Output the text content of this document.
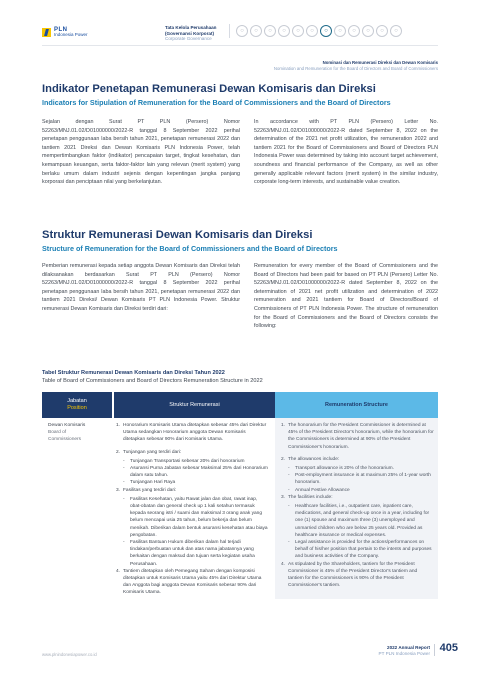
PLN
Indonesia Power
Tata Kelola Perusahaan
(Governansi Korporat)
Corporate Governance
○	○	○	○	○	○	○	○	○	○	○	○
Nominasi dan Remunerasi Direksi dan Dewan Komisaris
Nomination and Remuneration for the Board of Directors and Board of Commissioners
Indikator Penetapan Remunerasi Dewan Komisaris dan Direksi
Indicators for Stipulation of Remuneration for the Board of Commissioners and the Board of Directors
Sejalan dengan Surat PT PLN (Persero) Nomor 52263/MNJ.01.02/D01000000/2022-R tanggal 8 September 2022 perihal penetapan penggunaan laba bersih tahun 2021, penetapan remunerasi 2022 dan tantiem 2021 Direksi dan Dewan Komisaris PLN Indonesia Power, telah mempertimbangkan faktor (indikator) pencapaian target, tingkat kesehatan, dan kemampuan keuangan, serta faktor-faktor lain yang relevan (merit system) yang berlaku umum dalam industri sejenis dengan kepentingan jangka panjang korporasi dan penciptaan nilai yang berkelanjutan.
In accordance with PT PLN (Persero) Letter No. 52263/MNJ.01.02/D01000000/2022-R dated September 8, 2022 on the determination of the 2021 net profit utilization, the remuneration 2022 and tantiem 2021 for the Board of Commissioners and Board of Directors PLN Indonesia Power was determined by taking into account target achievement, soundness and financial performance of the Company, as well as other generally applicable relevant factors (merit system) in the similar industry, corporate long-term interests, and sustainable value creation.
Struktur Remunerasi Dewan Komisaris dan Direksi
Structure of Remuneration for the Board of Commissioners and the Board of Directors
Pemberian remunerasi kepada setiap anggota Dewan Komisaris dan Direksi telah dilaksanakan berdasarkan Surat PT PLN (Persero) Nomor 52263/MNJ.01.02/D01000000/2022-R tanggal 8 September 2022 perihal penetapan penggunaan laba bersih tahun 2021, penetapan remunerasi 2022 dan tantiem 2021 Direksi/ Dewan Komisaris PT PLN Indonesia Power. Struktur remunerasi Dewan Komisaris dan Direksi terdiri dari:
Remuneration for every member of the Board of Commissioners and the Board of Directors had been paid for based on PT PLN (Persero) Letter No. 52263/MNJ.01.02/D01000000/2022-R dated September 8, 2022 on the determination of 2021 net profit utilization and determination of 2022 remuneration and 2021 tantiem for Board of Directors/Board of Commissioners of PT PLN Indonesia Power. The structure of remuneration for the Board of Commissioners and the Board of Directors consists the following:
Tabel Struktur Remunerasi Dewan Komisaris dan Direksi Tahun 2022
Table of Board of Commissioners and Board of Directors Remuneration Structure in 2022
Jabatan
Position
Struktur Remunerasi	Remuneration Structure
Dewan Komisaris
Board of
Commissioners
1. Honorarium Komisaris Utama ditetapkan sebesar 45% dari Direktur Utama sedangkan Honorarium anggota Dewan Komisaris ditetapkan sebesar 90% dari Komisaris Utama.
2. Tunjangan yang terdiri dari:
-	Tunjangan Transportasi sebesar 20% dari honorarium
-	Asuransi Purna Jabatan sebesar Maksimal 25% dari Honorarium dalam satu tahun.
-	Tunjangan Hari Raya
3. Fasilitas yang terdiri dari:
-	Fasilitas Kesehatan, yaitu Rawat jalan dan obat, rawat inap, obat-obatan dan general check up 1 kali setahun termasuk kepada seorang istri / suami dan maksimal 3 orang anak yang belum mencapai usia 25 tahun, belum bekerja dan belum menikah. Diberikan dalam bentuk asuransi kesehatan atau biaya pengobatan.
-	Fasilitas Bantuan Hukum diberikan dalam hal terjadi tindakan/perbuatan untuk dan atas nama jabatannya yang berkaitan dengan maksud dan tujuan serta kegiatan usaha Perusahaan.
4. Tantiem ditetapkan oleh Pemegang Saham dengan komposisi ditetapkan untuk Komisaris Utama yaitu 45% dari Direktur Utama dan Anggota bagi anggota Dewan Komisaris sebesar 90% dari Komisaris Utama.
1. The honorarium for the President Commissioner is determined at 45% of the President Director's honorarium, while the honorarium for the Commissioners is determined at 90% of the President Commissioner's honorarium.
2. The allowances include:
-	Transport allowance is 20% of the honorarium.
-	Post-employment insurance is at maximum 25% of 1-year worth honorarium.
-	Annual Festive Allowance
3. The facilities include:
-	Healthcare facilities, i.e., outpatient care, inpatient care, medications, and general check-up once in a year, including for one (1) spouse and maximum three (3) unemployed and unmarried children who are below 25 years old. Provided as healthcare insurance or medical expenses.
-	Legal assistance is provided for the actions/performances on behalf of his/her position that pertain to the intents and purposes and business activities of the Company.
4. As stipulated by the Shareholders, tantiem for the President Commissioner is 45% of the President Director's tantiem and tantiem for the Commissioners is 90% of the President Commissioner's tantiem.
www.plnindonesiapower.co.id
2022 Annual Report
PT PLN Indonesia Power 405
